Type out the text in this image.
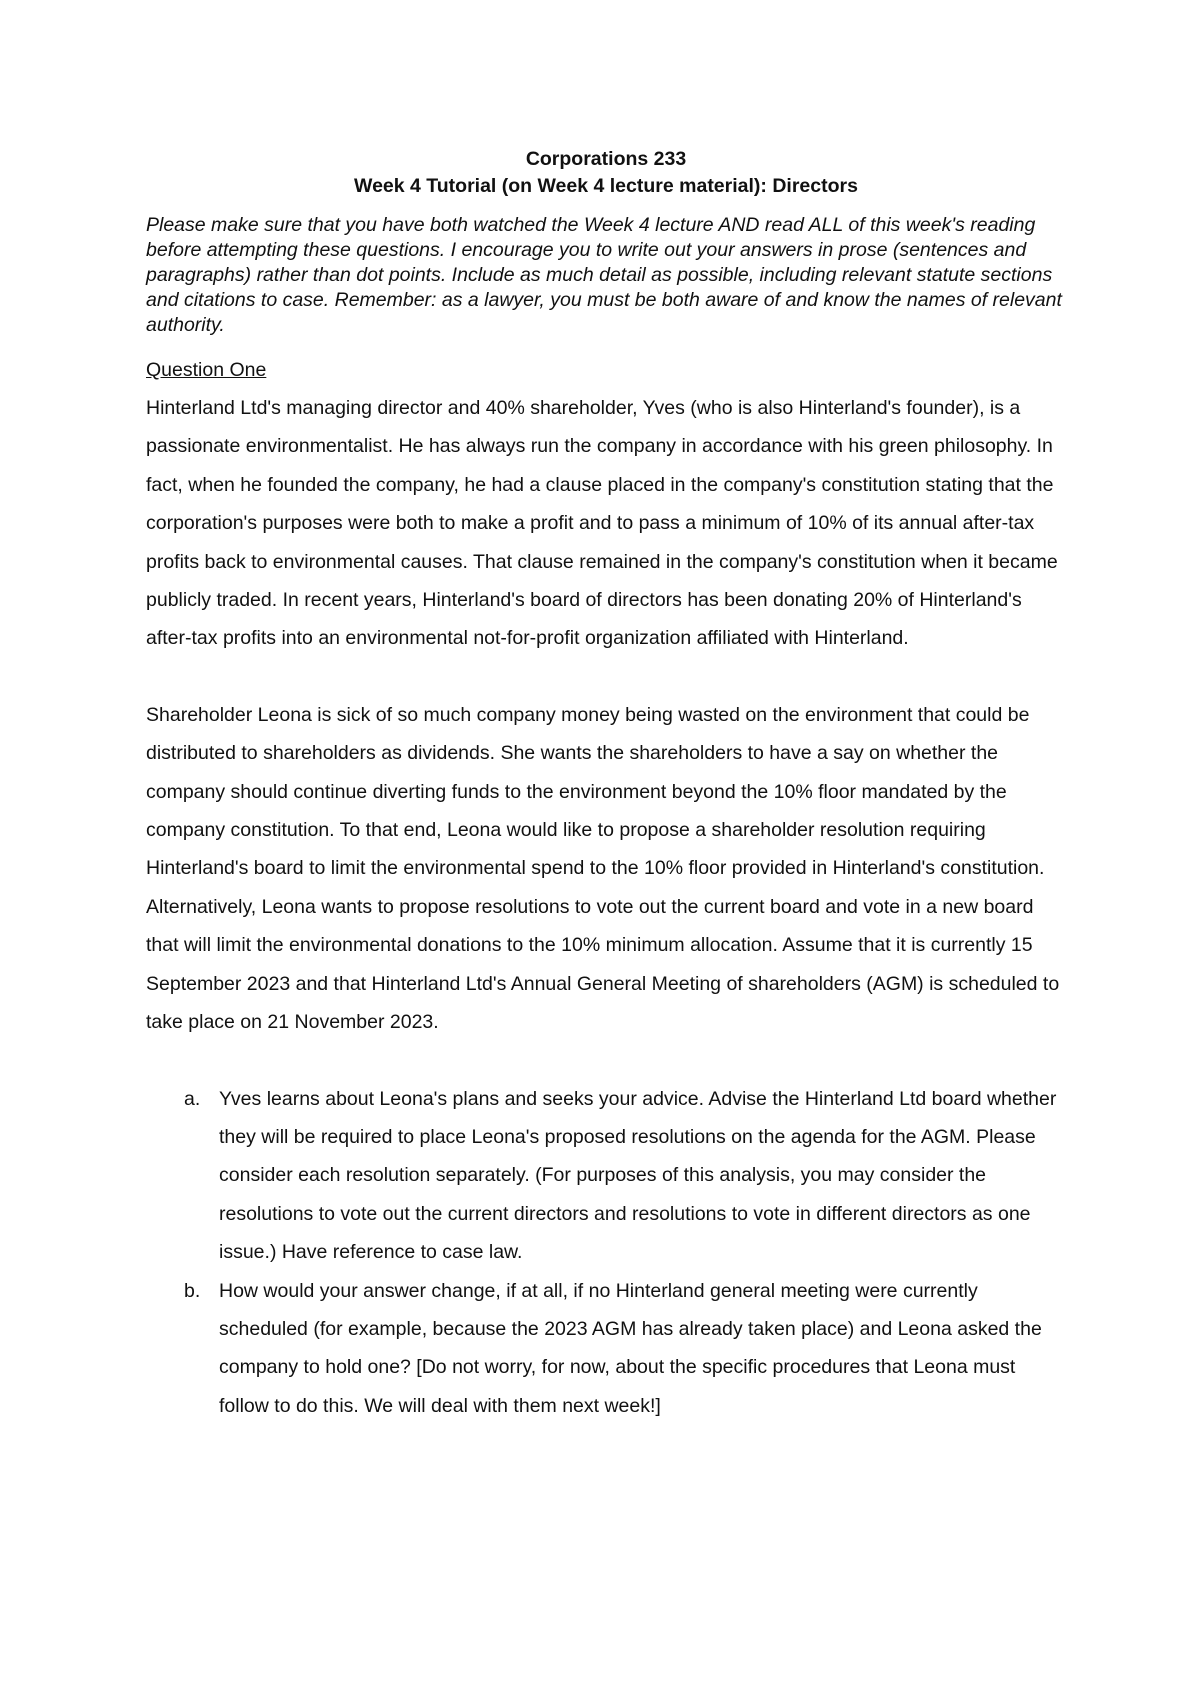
Corporations 233
Week 4 Tutorial (on Week 4 lecture material): Directors

Please make sure that you have both watched the Week 4 lecture AND read ALL of this week's reading before attempting these questions. I encourage you to write out your answers in prose (sentences and paragraphs) rather than dot points. Include as much detail as possible, including relevant statute sections and citations to case. Remember: as a lawyer, you must be both aware of and know the names of relevant authority.

Question One

Hinterland Ltd's managing director and 40% shareholder, Yves (who is also Hinterland's founder), is a passionate environmentalist. He has always run the company in accordance with his green philosophy. In fact, when he founded the company, he had a clause placed in the company's constitution stating that the corporation's purposes were both to make a profit and to pass a minimum of 10% of its annual after-tax profits back to environmental causes. That clause remained in the company's constitution when it became publicly traded. In recent years, Hinterland's board of directors has been donating 20% of Hinterland's after-tax profits into an environmental not-for-profit organization affiliated with Hinterland.

Shareholder Leona is sick of so much company money being wasted on the environment that could be distributed to shareholders as dividends. She wants the shareholders to have a say on whether the company should continue diverting funds to the environment beyond the 10% floor mandated by the company constitution. To that end, Leona would like to propose a shareholder resolution requiring Hinterland's board to limit the environmental spend to the 10% floor provided in Hinterland's constitution. Alternatively, Leona wants to propose resolutions to vote out the current board and vote in a new board that will limit the environmental donations to the 10% minimum allocation. Assume that it is currently 15 September 2023 and that Hinterland Ltd's Annual General Meeting of shareholders (AGM) is scheduled to take place on 21 November 2023.

a. Yves learns about Leona's plans and seeks your advice. Advise the Hinterland Ltd board whether they will be required to place Leona's proposed resolutions on the agenda for the AGM. Please consider each resolution separately. (For purposes of this analysis, you may consider the resolutions to vote out the current directors and resolutions to vote in different directors as one issue.) Have reference to case law.
b. How would your answer change, if at all, if no Hinterland general meeting were currently scheduled (for example, because the 2023 AGM has already taken place) and Leona asked the company to hold one? [Do not worry, for now, about the specific procedures that Leona must follow to do this. We will deal with them next week!]
